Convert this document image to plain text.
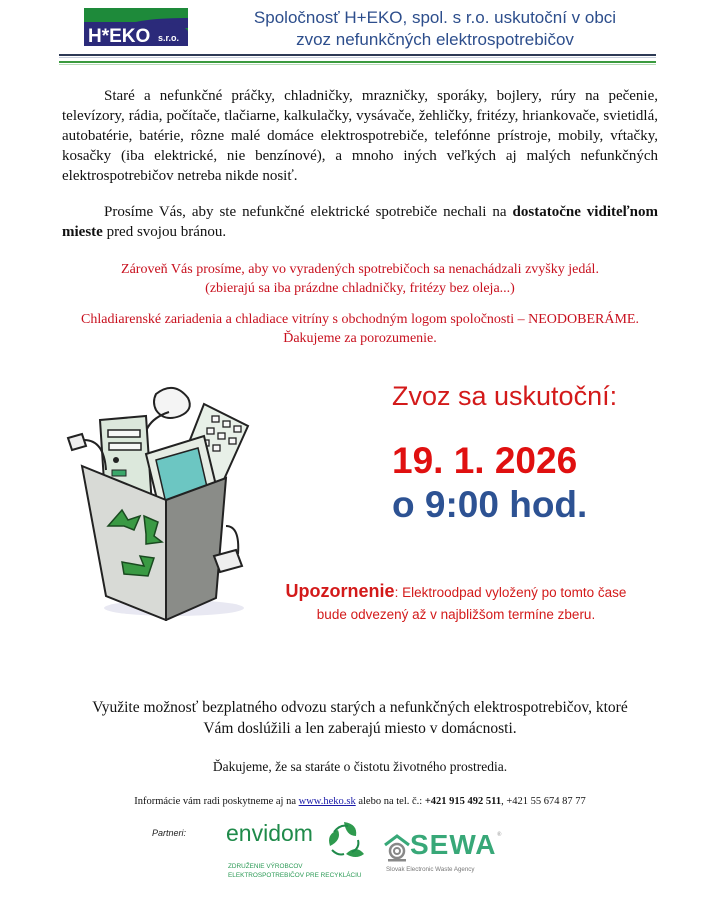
H*EKO s.r.o.
Spoločnosť H+EKO, spol. s r.o. uskutoční v obci
zvoz nefunkčných elektrospotrebičov
Staré a nefunkčné práčky, chladničky, mrazničky, sporáky, bojlery, rúry na pečenie, televízory, rádia, počítače, tlačiarne, kalkulačky, vysávače, žehličky, fritézy, hriankovače, svietidlá, autobatérie, batérie, rôzne malé domáce elektrospotrebiče, telefónne prístroje, mobily, vŕtačky, kosačky (iba elektrické, nie benzínové), a mnoho iných veľkých aj malých nefunkčných elektrospotrebičov netreba nikde nosiť.
Prosíme Vás, aby ste nefunkčné elektrické spotrebiče nechali na dostatočne viditeľnom mieste pred svojou bránou.
Zároveň Vás prosíme, aby vo vyradených spotrebičoch sa nenachádzali zvyšky jedál.
(zbierajú sa iba prázdne chladničky, fritézy bez oleja...)
Chladiarenské zariadenia a chladiace vitríny s obchodným logom spoločnosti – NEODOBERÁME.
Ďakujeme za porozumenie.
Zvoz sa uskutoční:
19. 1. 2026
o 9:00 hod.
Upozornenie: Elektroodpad vyložený po tomto čase
bude odvezený až v najbližšom termíne zberu.
Využite možnosť bezplatného odvozu starých a nefunkčných elektrospotrebičov, ktoré
Vám doslúžili a len zaberajú miesto v domácnosti.
Ďakujeme, že sa staráte o čistotu životného prostredia.
Informácie vám radi poskytneme aj na www.heko.sk alebo na tel. č.: +421 915 492 511, +421 55 674 87 77
Partneri: envidom
ZDRUŽENIE VÝROBCOV
ELEKTROSPOTREBIČOV PRE RECYKLÁCIU
SEWA ®
Slovak Electronic Waste Agency
